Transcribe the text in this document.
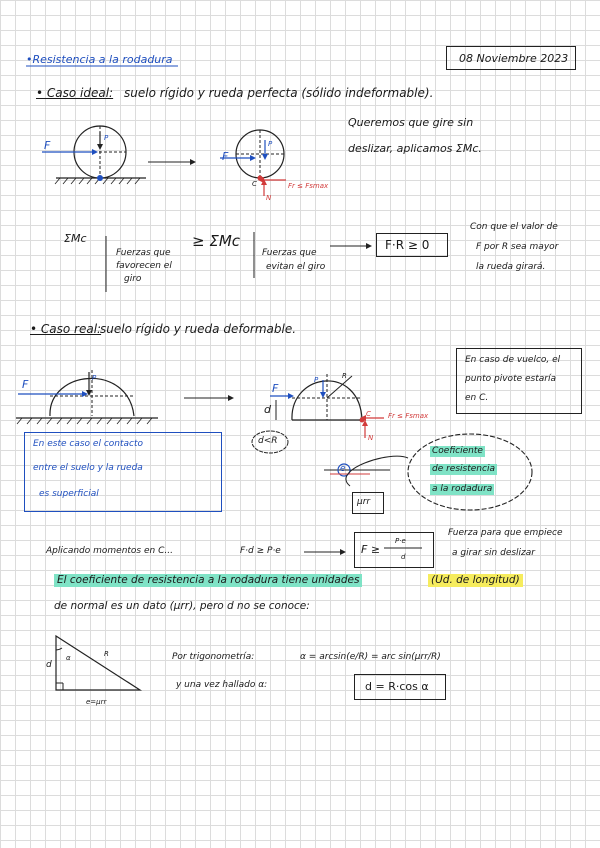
•Resistencia a la rodadura	08 Noviembre 2023
• Caso ideal: suelo rígido y rueda perfecta (sólido indeformable).
F
P
F
P
C	Fr ≤ Fsmax
N
Queremos que gire sin
deslizar, aplicamos ΣMc.
ΣMc
Fuerzas que
favorecen el
giro
≥ ΣMc
Fuerzas que
evitan el giro
F·R ≥ 0
Con que el valor de
F por R sea mayor
la rueda girará.
• Caso real:
suelo rígido y rueda deformable.
En caso de vuelco, el
punto pivote estaría
en C.
F	P
F
P	R
d	C Fr ≤ Fsmax
N
d<R
En este caso el contacto
entre el suelo y la rueda
es superficial
Coeficiente
de resistencia
a la rodadura
e
μrr
Aplicando momentos en C...	F·d ≥ P·e	F ≥
P·e
d
Fuerza para que empiece
a girar sin deslizar
El coeficiente de resistencia a la rodadura tiene unidades	(Ud. de longitud)
de normal es un dato (μrr), pero d no se conoce:
d
α	R
e=μrr
Por trigonometría:	α = arcsin(e/R) = arc sin(μrr/R)
y una vez hallado α:	d = R·cos α
